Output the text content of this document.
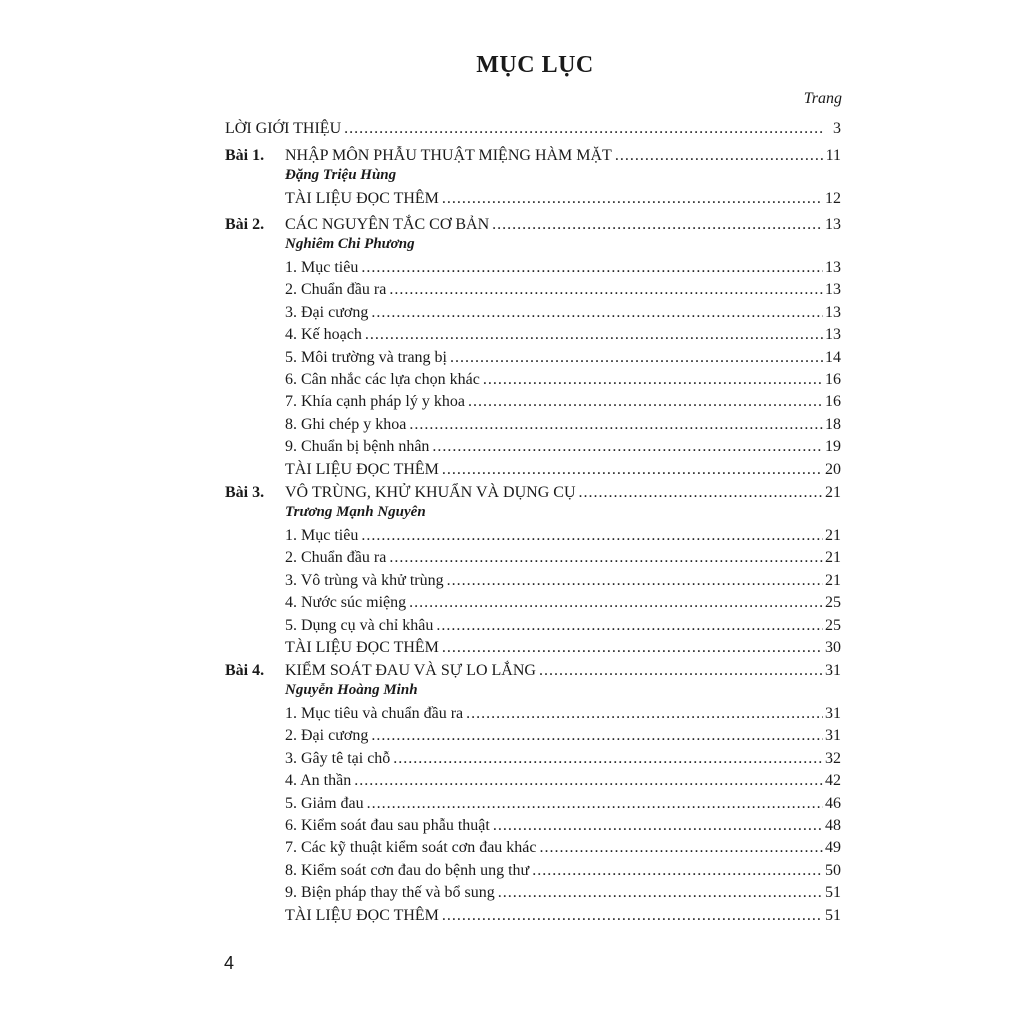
MỤC LỤC
Trang
LỜI GIỚI THIỆU . . .	3
Bài 1. NHẬP MÔN PHẪU THUẬT MIỆNG HÀM MẶT . . .	11
Đặng Triệu Hùng
TÀI LIỆU ĐỌC THÊM . . .	12
Bài 2. CÁC NGUYÊN TẮC CƠ BẢN . . .	13
Nghiêm Chi Phương
1. Mục tiêu . . .	13
2. Chuẩn đầu ra . . .	13
3. Đại cương . . .	13
4. Kế hoạch . . .	13
5. Môi trường và trang bị . . .	14
6. Cân nhắc các lựa chọn khác . . .	16
7. Khía cạnh pháp lý y khoa . . .	16
8. Ghi chép y khoa . . .	18
9. Chuẩn bị bệnh nhân . . .	19
TÀI LIỆU ĐỌC THÊM . . .	20
Bài 3. VÔ TRÙNG, KHỬ KHUẨN VÀ DỤNG CỤ . . .	21
Trương Mạnh Nguyên
1. Mục tiêu . . .	21
2. Chuẩn đầu ra . . .	21
3. Vô trùng và khử trùng . . .	21
4. Nước súc miệng . . .	25
5. Dụng cụ và chỉ khâu . . .	25
TÀI LIỆU ĐỌC THÊM . . .	30
Bài 4. KIỂM SOÁT ĐAU VÀ SỰ LO LẮNG . . .	31
Nguyễn Hoàng Minh
1. Mục tiêu và chuẩn đầu ra . . .	31
2. Đại cương . . .	31
3. Gây tê tại chỗ . . .	32
4. An thần . . .	42
5. Giảm đau . . .	46
6. Kiểm soát đau sau phẫu thuật . . .	48
7. Các kỹ thuật kiểm soát cơn đau khác . . .	49
8. Kiểm soát cơn đau do bệnh ung thư . . .	50
9. Biện pháp thay thế và bổ sung . . .	51
TÀI LIỆU ĐỌC THÊM . . .	51
4
